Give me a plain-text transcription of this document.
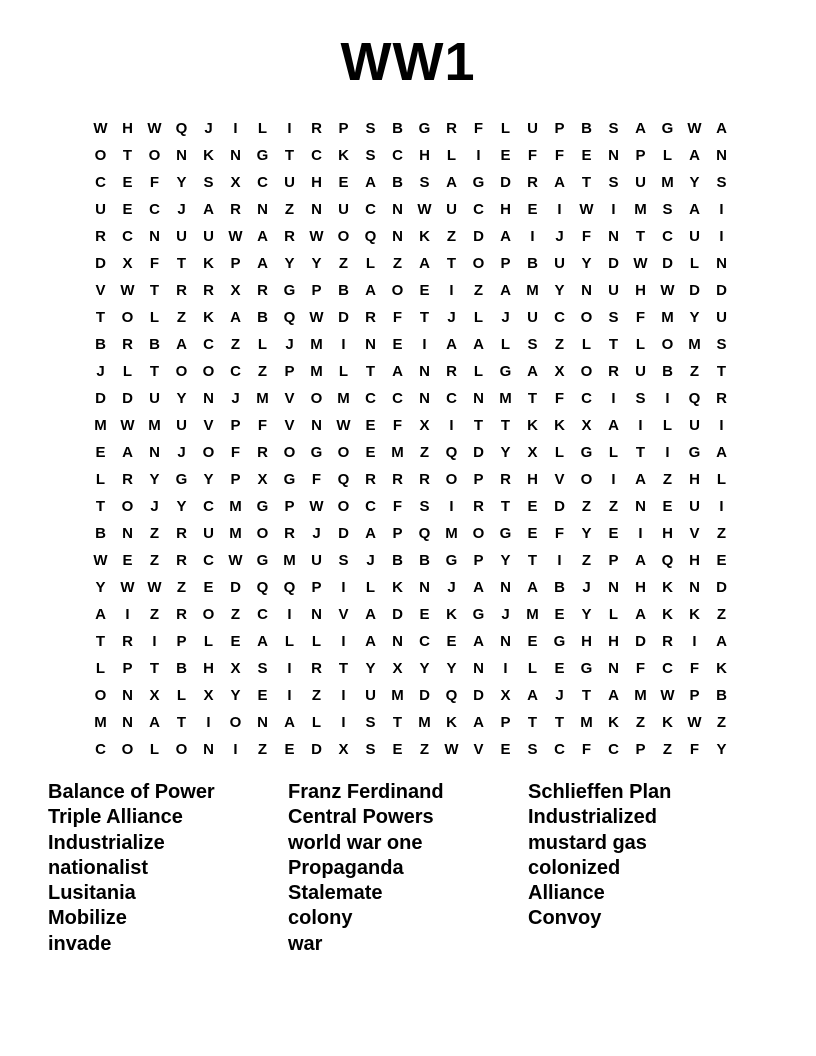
WW1
W H W Q	J	I	L	I	R	P	S	B	G	R	F	L	U	P	B	S	A	G W A
O	T	O	N	K	N	G	T	C	K	S	C	H	L	I	E	F	F	E	N	P	L	A	N
C	E	F	Y	S	X	C	U	H	E	A	B	S	A	G	D	R	A	T	S	U	M	Y	S
U	E	C	J	A	R	N	Z	N	U	C	N W U	C	H	E	I	W	I	M	S	A	I
R	C	N	U	U W A	R W O	Q	N	K	Z	D	A	I	J	F	N	T	C	U	I
D	X	F	T	K	P	A	Y	Y	Z	L	Z	A	T	O	P	B	U	Y	D W D	L	N
V W	T	R	R	X	R	G	P	B	A	O	E	I	Z	A	M	Y	N	U	H W D	D
T	O	L	Z	K	A	B	Q W D	R	F	T	J	L	J	U	C	O	S	F	M	Y	U
B	R	B	A	C	Z	L	J	M	I	N	E	I	A	A	L	S	Z	L	T	L	O M	S
J	L	T	O	O	C	Z	P	M	L	T	A	N	R	L	G	A	X	O	R	U	B	Z	T
D	D	U	Y	N	J	M	V	O M	C	C	N	C	N	M	T	F	C	I	S	I	Q	R
M W M	U	V	P	F	V	N W E	F	X	I	T	T	K	K	X	A	I	L	U	I
E	A	N	J	O	F	R	O	G	O	E	M	Z	Q	D	Y	X	L	G	L	T	I	G	A
L	R	Y	G	Y	P	X	G	F	Q	R	R	R	O	P	R	H	V	O	I	A	Z	H	L
T	O	J	Y	C	M G	P W O	C	F	S	I	R	T	E	D	Z	Z	N	E	U	I
B	N	Z	R	U	M O	R	J	D	A	P	Q M O	G	E	F	Y	E	I	H	V	Z
W E	Z	R	C W G M	U	S	J	B	B	G	P	Y	T	I	Z	P	A	Q	H	E
Y W W	Z	E	D	Q	Q	P	I	L	K	N	J	A	N	A	B	J	N	H	K	N	D
A	I	Z	R	O	Z	C	I	N	V	A	D	E	K	G	J	M	E	Y	L	A	K	K	Z
T	R	I	P	L	E	A	L	L	I	A	N	C	E	A	N	E	G	H	H	D	R	I	A
L	P	T	B	H	X	S	I	R	T	Y	X	Y	Y	N	I	L	E	G	N	F	C	F	K
O	N	X	L	X	Y	E	I	Z	I	U	M	D	Q	D	X	A	J	T	A	M W P	B
M	N	A	T	I	O	N	A	L	I	S	T	M	K	A	P	T	T	M	K	Z	K W	Z
C	O	L	O	N	I	Z	E	D	X	S	E	Z	W V	E	S	C	F	C	P	Z	F	Y
Balance of Power
Triple Alliance
Industrialize
nationalist
Lusitania
Mobilize
invade
Franz Ferdinand
Central Powers
world war one
Propaganda
Stalemate
colony
war
Schlieffen Plan
Industrialized
mustard gas
colonized
Alliance
Convoy
